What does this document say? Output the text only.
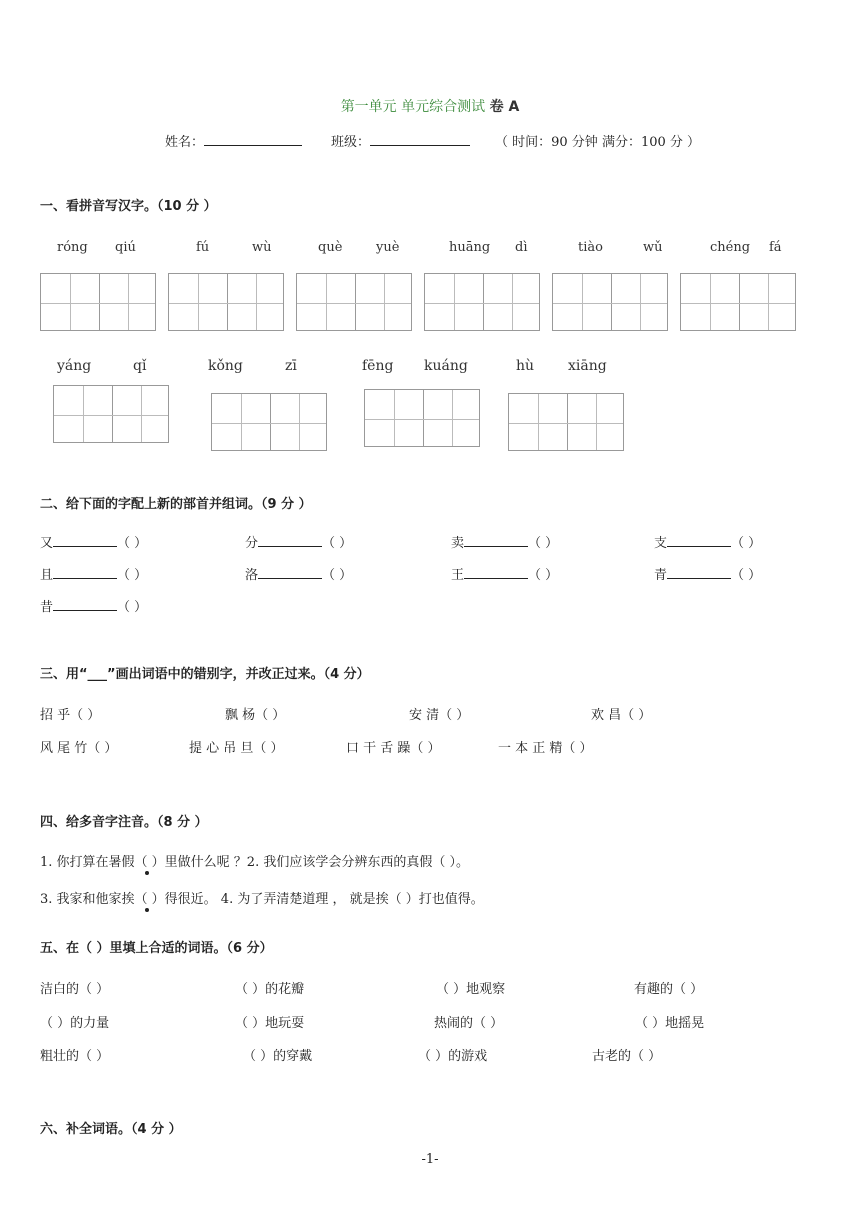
第一单元 单元综合测试 卷 A
姓名：	班级：	（ 时间：90 分钟 满分：100 分 ）
一、看拼音写汉字。（10 分 ）
róng qiú	fú	wù	què	yuè	huāng dì	tiào	wǔ	chéng fá
yáng	qǐ	kǒng	zī	fēng kuáng	hù xiāng
二、给下面的字配上新的部首并组词。（9 分 ）
又	（ ）	分	（ ）	卖	（ ）	支	（ ）
且	（ ）	洛	（ ）	王	（ ）	青	（ ）
昔	（ ）
三、用“___”画出词语中的错别字，并改正过来。（4 分）
招 乎（ ）	飘 杨（ ）	安 清（ ）	欢 昌（ ）
风 尾 竹（ ）	提 心 吊 旦（ ）	口 干 舌 躁（ ）	一 本 正 精（ ）
四、给多音字注音。（8 分 ）
1. 你打算在暑假（ ）里做什么呢 ？2. 我们应该学会分辨东西的真假（ ）。
3. 我家和他家挨（ ）得很近。 4. 为了弄清楚道理 ， 就是挨（ ）打也值得。
五、在（ ）里填上合适的词语。（6 分）
洁白的（ ）	（ ）的花瓣	（ ）地观察	有趣的（ ）
（ ）的力量	（ ）地玩耍	热闹的（ ）	（ ）地摇晃
粗壮的（ ）	（ ）的穿戴	（ ）的游戏	古老的（ ）
六、补全词语。（4 分 ）
-1-
